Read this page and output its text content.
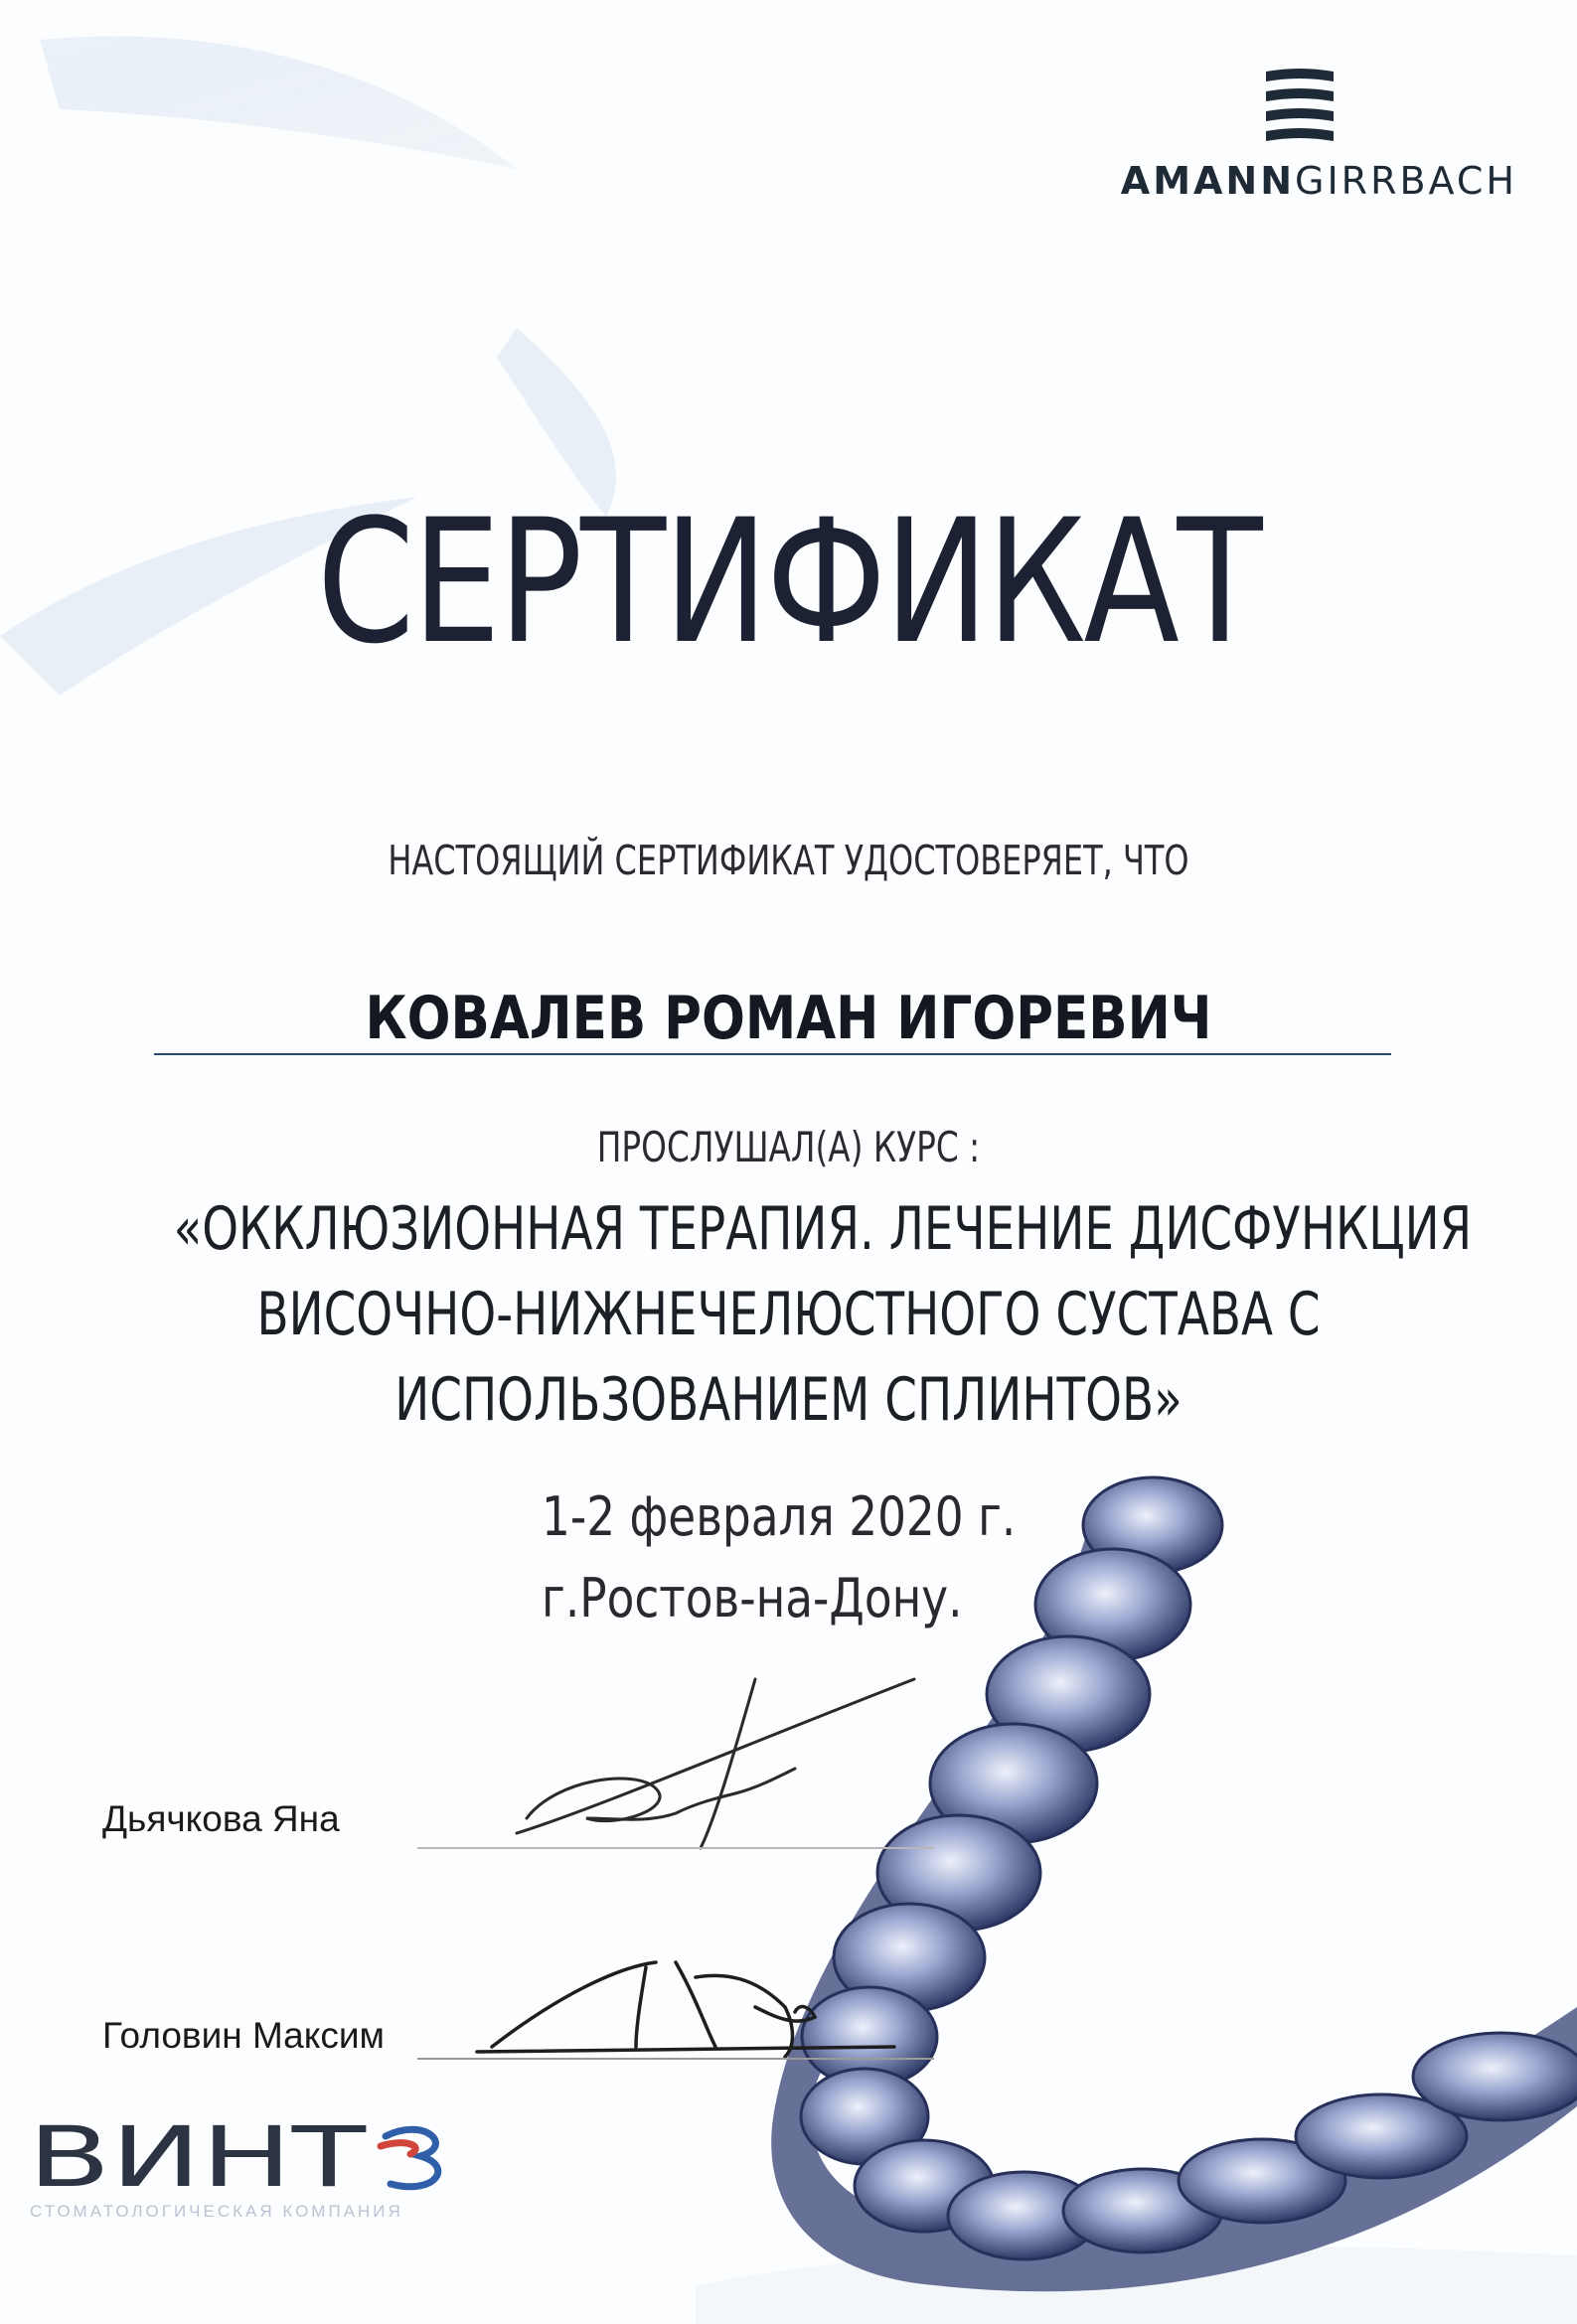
AMANNGIRRBACH
СЕРТИФИКАТ
НАСТОЯЩИЙ СЕРТИФИКАТ УДОСТОВЕРЯЕТ, ЧТО
КОВАЛЕВ РОМАН ИГОРЕВИЧ
ПРОСЛУШАЛ(А) КУРС :
«ОККЛЮЗИОННАЯ ТЕРАПИЯ. ЛЕЧЕНИЕ ДИСФУНКЦИЯ
ВИСОЧНО-НИЖНЕЧЕЛЮСТНОГО СУСТАВА С
ИСПОЛЬЗОВАНИЕМ СПЛИНТОВ»
1-2 февраля 2020 г.
г.Ростов-на-Дону.
Дьячкова Яна
Головин Максим
ВИНТ
СТОМАТОЛОГИЧЕСКАЯ КОМПАНИЯ
